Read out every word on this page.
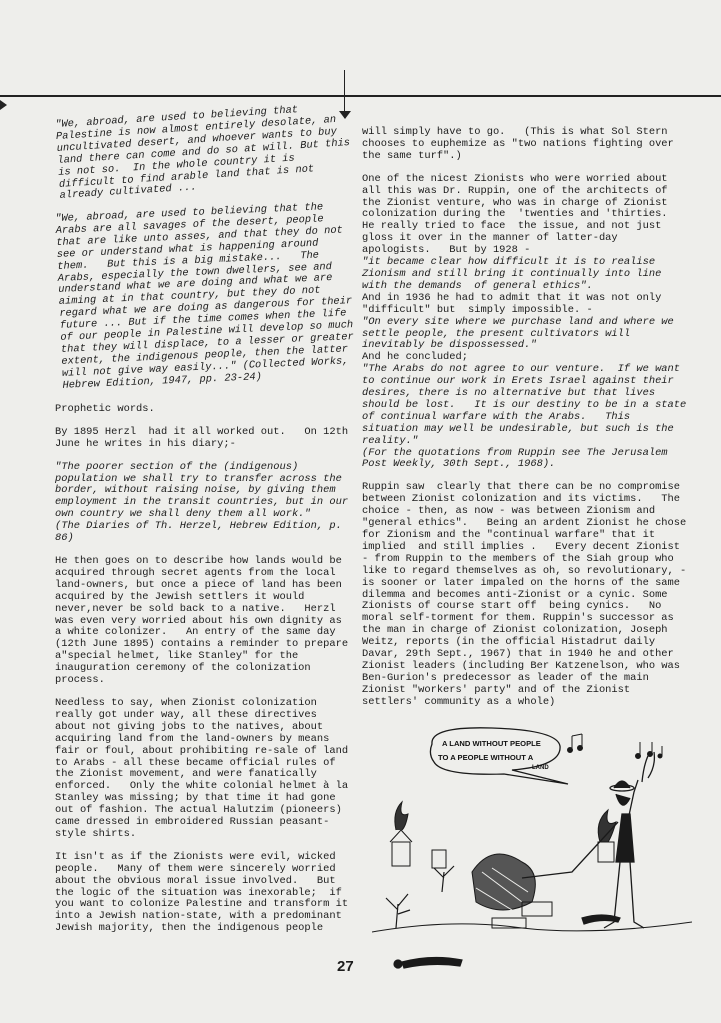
"We, abroad, are used to believing that Palestine is now almost entirely desolate, an uncultivated desert, and whoever wants to buy land there can come and do so at will. But this is not so.  In the whole country it is difficult to find arable land that is not already cultivated ...

"We, abroad, are used to believing that the Arabs are all savages of the desert, people that are like unto asses, and that they do not see or understand what is happening around them.   But this is a big mistake...   The Arabs, especially the town dwellers, see and understand what we are doing and what we are aiming at in that country, but they do not regard what we are doing as dangerous for their future ... But if the time comes when the life of our people in Palestine will develop so much that they will displace, to a lesser or greater extent, the indigenous people, then the latter will not give way easily..." (Collected Works, Hebrew Edition, 1947, pp. 23-24)

Prophetic words.

By 1895 Herzl  had it all worked out.   On 12th June he writes in his diary;-

"The poorer section of the (indigenous) population we shall try to transfer across the border, without raising noise, by giving them employment in the transit countries, but in our own country we shall deny them all work."     (The Diaries of Th. Herzel, Hebrew Edition, p. 86)

He then goes on to describe how lands would be acquired through secret agents from the local land-owners, but once a piece of land has been acquired by the Jewish settlers it would never,never be sold back to a native.   Herzl was even very worried about his own dignity as a white colonizer.   An entry of the same day (12th June 1895) contains a reminder to prepare a"special helmet, like Stanley" for the inauguration ceremony of the colonization process.

Needless to say, when Zionist colonization really got under way, all these directives about not giving jobs to the natives, about acquiring land from the land-owners by means fair or foul, about prohibiting re-sale of land to Arabs - all these became official rules of the Zionist movement, and were fanatically enforced.   Only the white colonial helmet à la Stanley was missing; by that time it had gone out of fashion. The actual Halutzim (pioneers)  came dressed in embroidered Russian peasant-style shirts.

It isn't as if the Zionists were evil, wicked people.   Many of them were sincerely worried about the obvious moral issue involved.   But the logic of the situation was inexorable;  if you want to colonize Palestine and transform it into a Jewish nation-state, with a predominant Jewish majority, then the indigenous people

will simply have to go.   (This is what Sol Stern chooses to euphemize as "two nations fighting over the same turf".)

One of the nicest Zionists who were worried about all this was Dr. Ruppin, one of the architects of the Zionist venture, who was in charge of Zionist colonization during the  'twenties and 'thirties.   He really tried to face  the issue, and not just gloss it over in the manner of latter-day apologists.   But by 1928 -

"it became clear how difficult it is to realise Zionism and still bring it continually into line with the demands  of general ethics".

And in 1936 he had to admit that it was not only "difficult" but  simply impossible. -

"On every site where we purchase land and where we settle people, the present cultivators will inevitably be dispossessed."

And he concluded;

"The Arabs do not agree to our venture.  If we want to continue our work in Erets Israel against their desires, there is no alternative but that lives should be lost.   It is our destiny to be in a state of continual warfare with the Arabs.   This situation may well be undesirable, but such is the reality."

(For the quotations from Ruppin see The Jerusalem Post Weekly, 30th Sept., 1968).

Ruppin saw  clearly that there can be no compromise between Zionist colonization and its victims.   The choice - then, as now - was between Zionism and "general ethics".   Being an ardent Zionist he chose for Zionism and the "continual warfare" that it implied  and still implies .   Every decent Zionist - from Ruppin to the members of the Siah group who like to regard themselves as oh, so revolutionary, - is sooner or later impaled on the horns of the same dilemma and becomes anti-Zionist or a cynic. Some Zionists of course start off  being cynics.   No moral self-torment for them. Ruppin's successor as the man in charge of Zionist colonization, Joseph Weitz, reports (in the official Histadrut daily Davar, 29th Sept., 1967) that in 1940 he and other Zionist leaders (including Ber Katzenelson, who was Ben-Gurion's predecessor as leader of the main Zionist "workers' party" and of the Zionist settlers' community as a whole)

A LAND WITHOUT PEOPLE
TO A PEOPLE WITHOUT A
LAND
27
